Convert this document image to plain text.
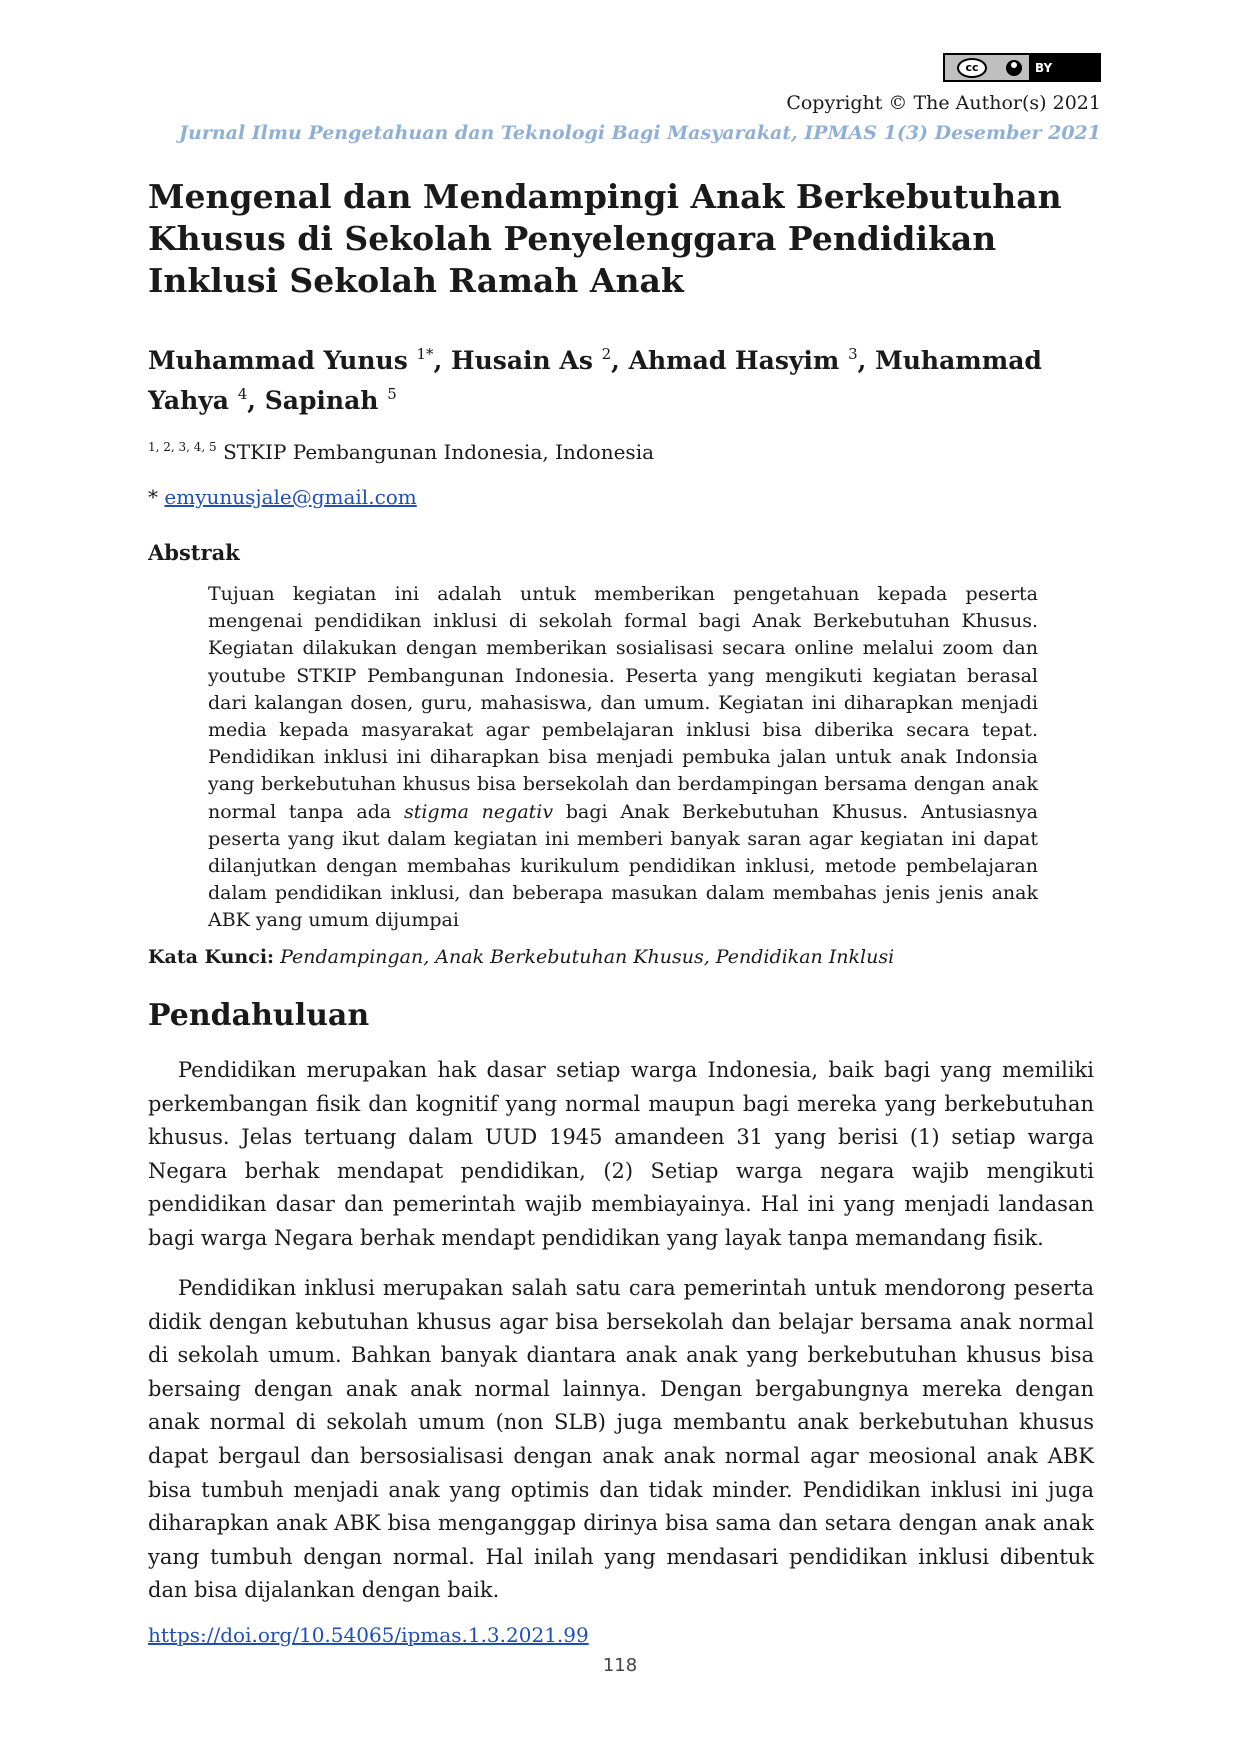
cc	BY
Copyright © The Author(s) 2021
Jurnal Ilmu Pengetahuan dan Teknologi Bagi Masyarakat, IPMAS 1(3) Desember 2021
Mengenal dan Mendampingi Anak Berkebutuhan Khusus di Sekolah Penyelenggara Pendidikan Inklusi Sekolah Ramah Anak

Muhammad Yunus $^{1*}$, Husain As $^2$, Ahmad Hasyim $^3$, Muhammad Yahya $^4$, Sapinah $^5$

$^{1, 2, 3, 4, 5}$ STKIP Pembangunan Indonesia, Indonesia
* emyunusjale@gmail.com
Abstrak

Tujuan kegiatan ini adalah untuk memberikan pengetahuan kepada peserta mengenai pendidikan inklusi di sekolah formal bagi Anak Berkebutuhan Khusus. Kegiatan dilakukan dengan memberikan sosialisasi secara online melalui zoom dan youtube STKIP Pembangunan Indonesia. Peserta yang mengikuti kegiatan berasal dari kalangan dosen, guru, mahasiswa, dan umum. Kegiatan ini diharapkan menjadi media kepada masyarakat agar pembelajaran inklusi bisa diberika secara tepat. Pendidikan inklusi ini diharapkan bisa menjadi pembuka jalan untuk anak Indonsia yang berkebutuhan khusus bisa bersekolah dan berdampingan bersama dengan anak normal tanpa ada stigma negativ bagi Anak Berkebutuhan Khusus. Antusiasnya peserta yang ikut dalam kegiatan ini memberi banyak saran agar kegiatan ini dapat dilanjutkan dengan membahas kurikulum pendidikan inklusi, metode pembelajaran dalam pendidikan inklusi, dan beberapa masukan dalam membahas jenis jenis anak ABK yang umum dijumpai

Kata Kunci: Pendampingan, Anak Berkebutuhan Khusus, Pendidikan Inklusi
Pendahuluan

Pendidikan merupakan hak dasar setiap warga Indonesia, baik bagi yang memiliki perkembangan fisik dan kognitif yang normal maupun bagi mereka yang berkebutuhan khusus. Jelas tertuang dalam UUD 1945 amandeen 31 yang berisi (1) setiap warga Negara berhak mendapat pendidikan, (2) Setiap warga negara wajib mengikuti pendidikan dasar dan pemerintah wajib membiayainya. Hal ini yang menjadi landasan bagi warga Negara berhak mendapt pendidikan yang layak tanpa memandang fisik.

Pendidikan inklusi merupakan salah satu cara pemerintah untuk mendorong peserta didik dengan kebutuhan khusus agar bisa bersekolah dan belajar bersama anak normal di sekolah umum. Bahkan banyak diantara anak anak yang berkebutuhan khusus bisa bersaing dengan anak anak normal lainnya. Dengan bergabungnya mereka dengan anak normal di sekolah umum (non SLB) juga membantu anak berkebutuhan khusus dapat bergaul dan bersosialisasi dengan anak anak normal agar meosional anak ABK bisa tumbuh menjadi anak yang optimis dan tidak minder. Pendidikan inklusi ini juga diharapkan anak ABK bisa menganggap dirinya bisa sama dan setara dengan anak anak yang tumbuh dengan normal. Hal inilah yang mendasari pendidikan inklusi dibentuk dan bisa dijalankan dengan baik.

https://doi.org/10.54065/ipmas.1.3.2021.99
118
